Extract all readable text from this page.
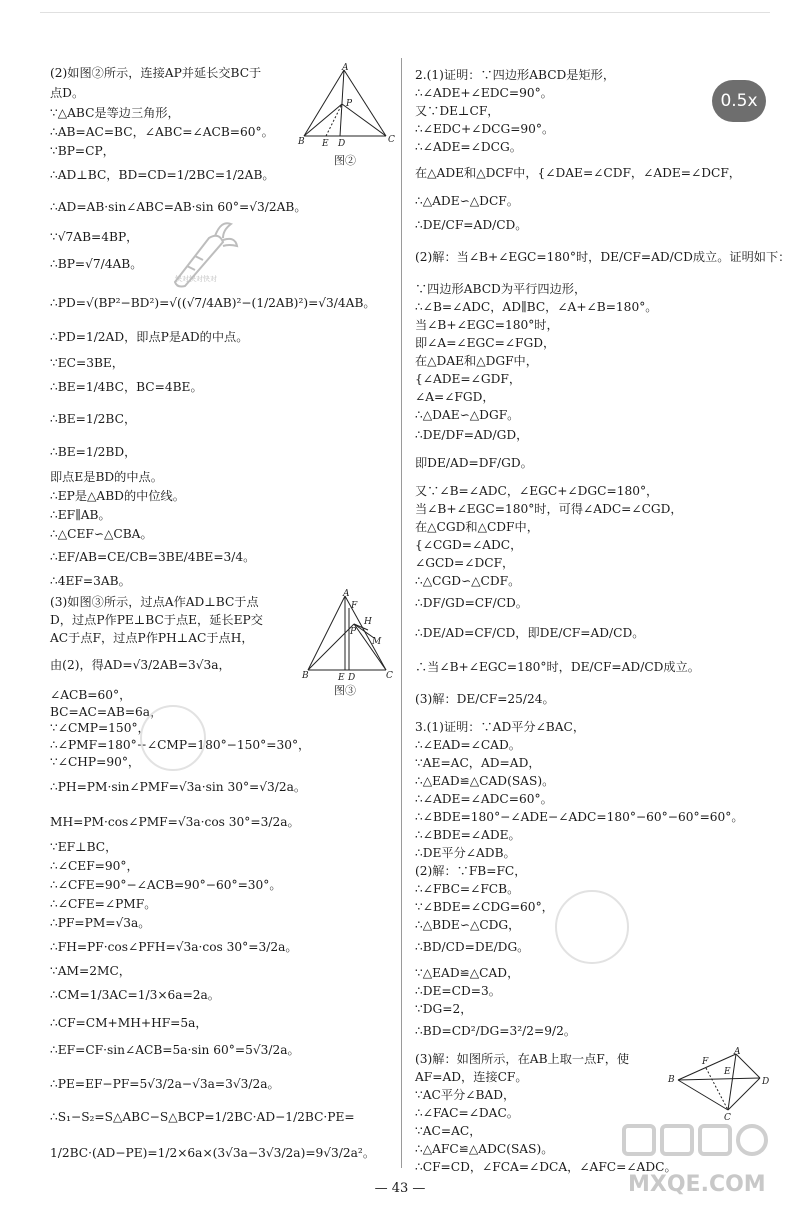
(2)如图②所示，连接AP并延长交BC于
点D。
∵△ABC是等边三角形，
∴AB=AC=BC，∠ABC=∠ACB=60°。
∵BP=CP，
∴AD⊥BC，BD=CD=1/2BC=1/2AB。
∴AD=AB·sin∠ABC=AB·sin 60°=√3/2AB。
∵√7AB=4BP，
∴BP=√7/4AB。
∴PD=√(BP²−BD²)=√((√7/4AB)²−(1/2AB)²)=√3/4AB。
∴PD=1/2AD，即点P是AD的中点。
∵EC=3BE，
∴BE=1/4BC，BC=4BE。
∴BE=1/2BC，
∴BE=1/2BD，
即点E是BD的中点。
∴EP是△ABD的中位线。
∴EF∥AB。
∴△CEF∽△CBA。
∴EF/AB=CE/CB=3BE/4BE=3/4。
∴4EF=3AB。
(3)如图③所示，过点A作AD⊥BC于点
D，过点P作PE⊥BC于点E，延长EP交
AC于点F，过点P作PH⊥AC于点H，
由(2)，得AD=√3/2AB=3√3a，
∠ACB=60°，
BC=AC=AB=6a，
∵∠CMP=150°，
∴∠PMF=180°−∠CMP=180°−150°=30°，
∵∠CHP=90°，
∴PH=PM·sin∠PMF=√3a·sin 30°=√3/2a。
MH=PM·cos∠PMF=√3a·cos 30°=3/2a。
∵EF⊥BC，
∴∠CEF=90°，
∴∠CFE=90°−∠ACB=90°−60°=30°。
∴∠CFE=∠PMF。
∴PF=PM=√3a。
∴FH=PF·cos∠PFH=√3a·cos 30°=3/2a。
∵AM=2MC，
∴CM=1/3AC=1/3×6a=2a。
∴CF=CM+MH+HF=5a，
∴EF=CF·sin∠ACB=5a·sin 60°=5√3/2a。
∴PE=EF−PF=5√3/2a−√3a=3√3/2a。
∴S₁−S₂=S△ABC−S△BCP=1/2BC·AD−1/2BC·PE=
1/2BC·(AD−PE)=1/2×6a×(3√3a−3√3/2a)=9√3/2a²。
A
P
B E D	C
图②
快对快对快对
A
F
H
M
P
B	E D	C
图③
2.(1)证明：∵四边形ABCD是矩形，
∴∠ADE+∠EDC=90°。
又∵DE⊥CF，
∴∠EDC+∠DCG=90°。
∴∠ADE=∠DCG。
在△ADE和△DCF中，{∠DAE=∠CDF，∠ADE=∠DCF，
∴△ADE∽△DCF。
∴DE/CF=AD/CD。
(2)解：当∠B+∠EGC=180°时，DE/CF=AD/CD成立。证明如下：
∵四边形ABCD为平行四边形，
∴∠B=∠ADC，AD∥BC，∠A+∠B=180°。
当∠B+∠EGC=180°时，
即∠A=∠EGC=∠FGD，
在△DAE和△DGF中，
{∠ADE=∠GDF，
∠A=∠FGD，
∴△DAE∽△DGF。
∴DE/DF=AD/GD，
即DE/AD=DF/GD。
又∵∠B=∠ADC，∠EGC+∠DGC=180°，
当∠B+∠EGC=180°时，可得∠ADC=∠CGD，
在△CGD和△CDF中，
{∠CGD=∠ADC，
∠GCD=∠DCF，
∴△CGD∽△CDF。
∴DF/GD=CF/CD。
∴DE/AD=CF/CD，即DE/CF=AD/CD。
∴当∠B+∠EGC=180°时，DE/CF=AD/CD成立。
(3)解：DE/CF=25/24。
3.(1)证明：∵AD平分∠BAC，
∴∠EAD=∠CAD。
∵AE=AC，AD=AD，
∴△EAD≌△CAD(SAS)。
∴∠ADE=∠ADC=60°。
∴∠BDE=180°−∠ADE−∠ADC=180°−60°−60°=60°。
∴∠BDE=∠ADE。
∴DE平分∠ADB。
(2)解：∵FB=FC，
∴∠FBC=∠FCB。
∵∠BDE=∠CDG=60°，
∴△BDE∽△CDG，
∴BD/CD=DE/DG。
∵△EAD≌△CAD，
∴DE=CD=3。
∵DG=2，
∴BD=CD²/DG=3²/2=9/2。
(3)解：如图所示，在AB上取一点F，使
AF=AD，连接CF。
∵AC平分∠BAD，
∴∠FAC=∠DAC。
∵AC=AC，
∴△AFC≌△ADC(SAS)。
∴CF=CD，∠FCA=∠DCA，∠AFC=∠ADC。
A
F
E
B
C
D
0.5x
— 43 —	MXQE.COM
